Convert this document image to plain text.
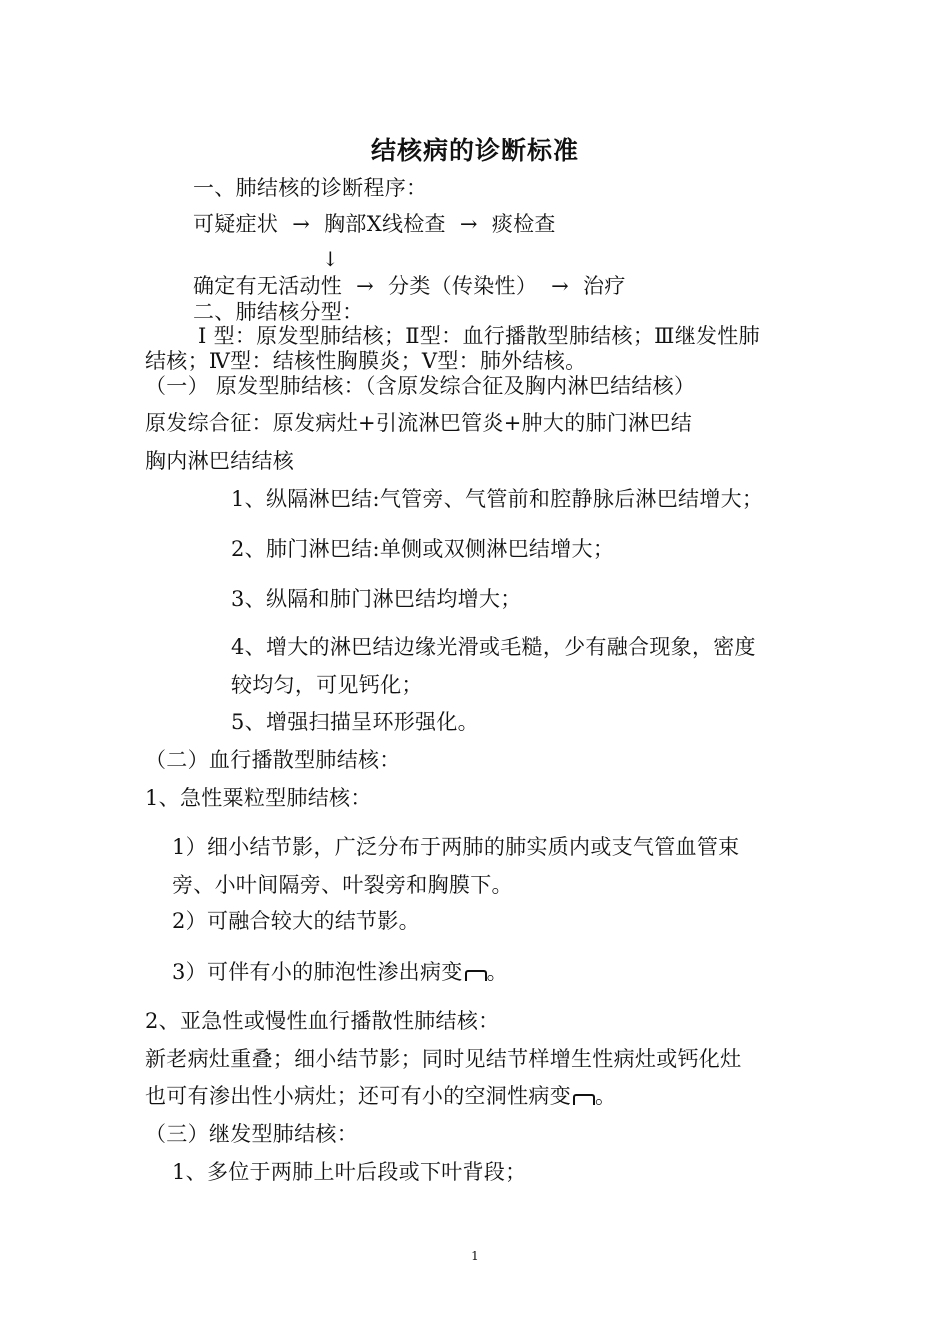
结核病的诊断标准
一、肺结核的诊断程序：
可疑症状 → 胸部X线检查 → 痰检查
↓
确定有无活动性 → 分类（传染性） → 治疗
二、肺结核分型：
Ⅰ 型：原发型肺结核；Ⅱ型：血行播散型肺结核；Ⅲ继发性肺
结核；Ⅳ型：结核性胸膜炎；Ⅴ型：肺外结核。
（一） 原发型肺结核：（含原发综合征及胸内淋巴结结核）
原发综合征：原发病灶+引流淋巴管炎+肿大的肺门淋巴结
胸内淋巴结结核
1、纵隔淋巴结:气管旁、气管前和腔静脉后淋巴结增大；
2、肺门淋巴结:单侧或双侧淋巴结增大；
3、纵隔和肺门淋巴结均增大；
4、增大的淋巴结边缘光滑或毛糙，少有融合现象，密度
较均匀，可见钙化；
5、增强扫描呈环形强化。
（二）血行播散型肺结核：
1、急性粟粒型肺结核：
1）细小结节影，广泛分布于两肺的肺实质内或支气管血管束
旁、小叶间隔旁、叶裂旁和胸膜下。
2）可融合较大的结节影。
3）可伴有小的肺泡性渗出病变 。
2、亚急性或慢性血行播散性肺结核：
新老病灶重叠；细小结节影；同时见结节样增生性病灶或钙化灶
也可有渗出性小病灶；还可有小的空洞性病变 。
（三）继发型肺结核：
1、多位于两肺上叶后段或下叶背段；
1
